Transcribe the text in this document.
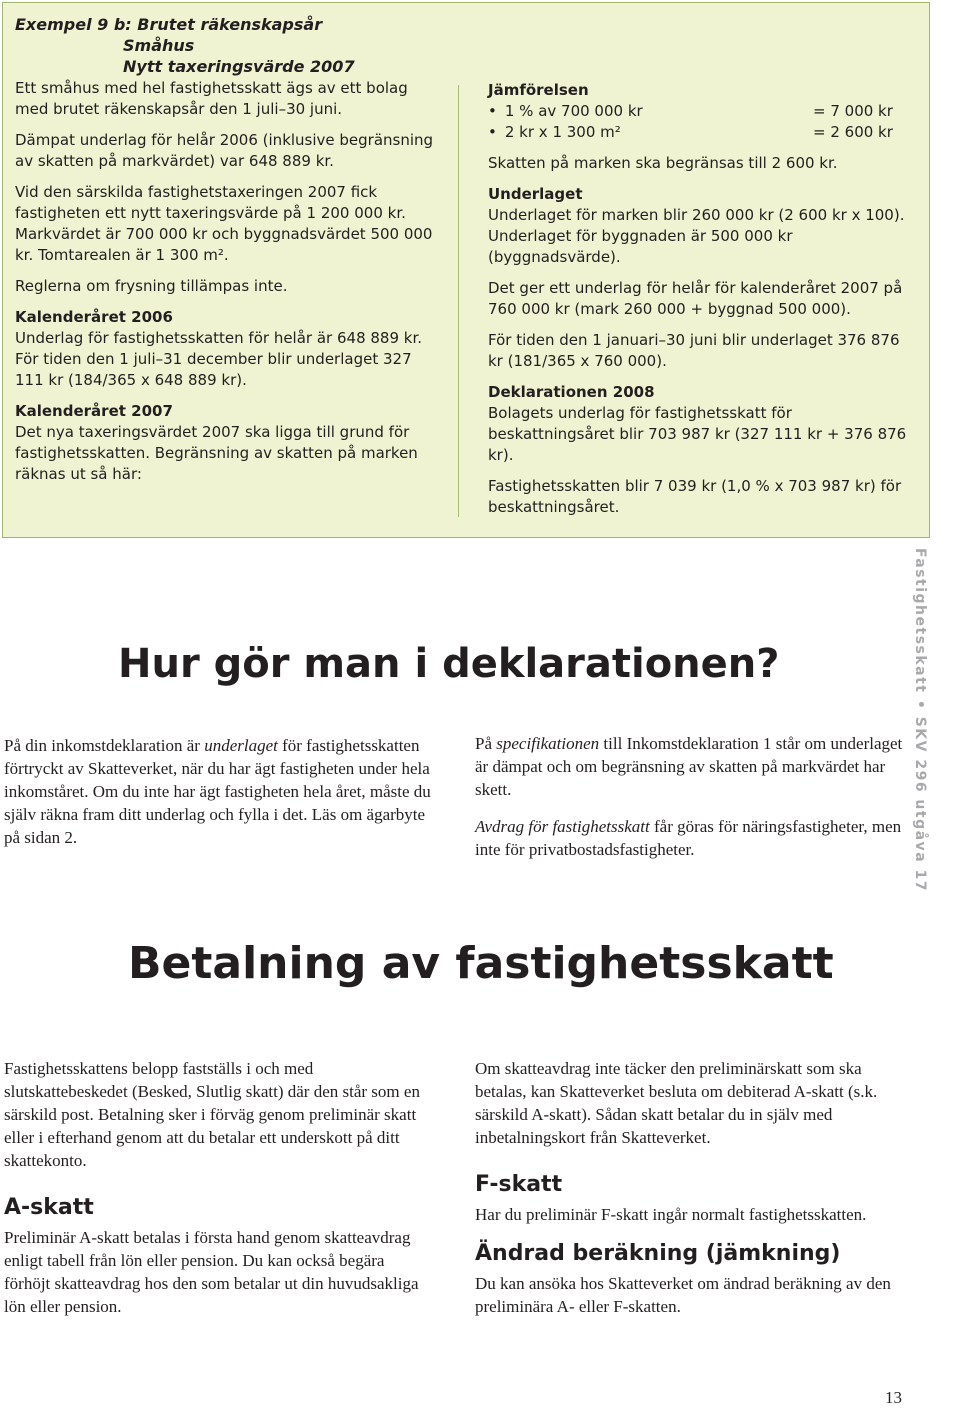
Exempel 9 b: Brutet räkenskapsår
Småhus
Nytt taxeringsvärde 2007

Ett småhus med hel fastighetsskatt ägs av ett bolag med brutet räkenskapsår den 1 juli–30 juni.

Dämpat underlag för helår 2006 (inklusive begränsning av skatten på markvärdet) var 648 889 kr.

Vid den särskilda fastighetstaxeringen 2007 fick fastigheten ett nytt taxeringsvärde på 1 200 000 kr. Markvärdet är 700 000 kr och byggnadsvärdet 500 000 kr. Tomtarealen är 1 300 m².

Reglerna om frysning tillämpas inte.

Kalenderåret 2006

Underlag för fastighetsskatten för helår är 648 889 kr. För tiden den 1 juli–31 december blir underlaget 327 111 kr (184/365 x 648 889 kr).

Kalenderåret 2007

Det nya taxeringsvärdet 2007 ska ligga till grund för fastighetsskatten. Begränsning av skatten på marken räknas ut så här:

Jämförelsen

• 1 % av 700 000 kr	= 7 000 kr
• 2 kr x 1 300 m²	= 2 600 kr

Skatten på marken ska begränsas till 2 600 kr.

Underlaget

Underlaget för marken blir 260 000 kr (2 600 kr x 100). Underlaget för byggnaden är 500 000 kr (byggnadsvärde).

Det ger ett underlag för helår för kalenderåret 2007 på 760 000 kr (mark 260 000 + byggnad 500 000).

För tiden den 1 januari–30 juni blir underlaget 376 876 kr (181/365 x 760 000).

Deklarationen 2008

Bolagets underlag för fastighetsskatt för beskattningsåret blir 703 987 kr (327 111 kr + 376 876 kr).

Fastighetsskatten blir 7 039 kr (1,0 % x 703 987 kr) för beskattningsåret.

Fastighetsskatt • SKV 296 utgåva 17
Hur gör man i deklarationen?

På din inkomstdeklaration är underlaget för fastighetsskatten förtryckt av Skatteverket, när du har ägt fastigheten under hela inkomståret. Om du inte har ägt fastigheten hela året, måste du själv räkna fram ditt underlag och fylla i det. Läs om ägarbyte på sidan 2.

På specifikationen till Inkomstdeklaration 1 står om underlaget är dämpat och om begränsning av skatten på markvärdet har skett.

Avdrag för fastighetsskatt får göras för näringsfastigheter, men inte för privatbostadsfastigheter.

Betalning av fastighetsskatt

Fastighetsskattens belopp fastställs i och med slutskattebeskedet (Besked, Slutlig skatt) där den står som en särskild post. Betalning sker i förväg genom preliminär skatt eller i efterhand genom att du betalar ett underskott på ditt skattekonto.

A-skatt

Preliminär A-skatt betalas i första hand genom skatteavdrag enligt tabell från lön eller pension. Du kan också begära förhöjt skatteavdrag hos den som betalar ut din huvudsakliga lön eller pension.

Om skatteavdrag inte täcker den preliminärskatt som ska betalas, kan Skatteverket besluta om debiterad A-skatt (s.k. särskild A-skatt). Sådan skatt betalar du in själv med inbetalningskort från Skatteverket.

F-skatt

Har du preliminär F-skatt ingår normalt fastighetsskatten.

Ändrad beräkning (jämkning)

Du kan ansöka hos Skatteverket om ändrad beräkning av den preliminära A- eller F-skatten.

13
